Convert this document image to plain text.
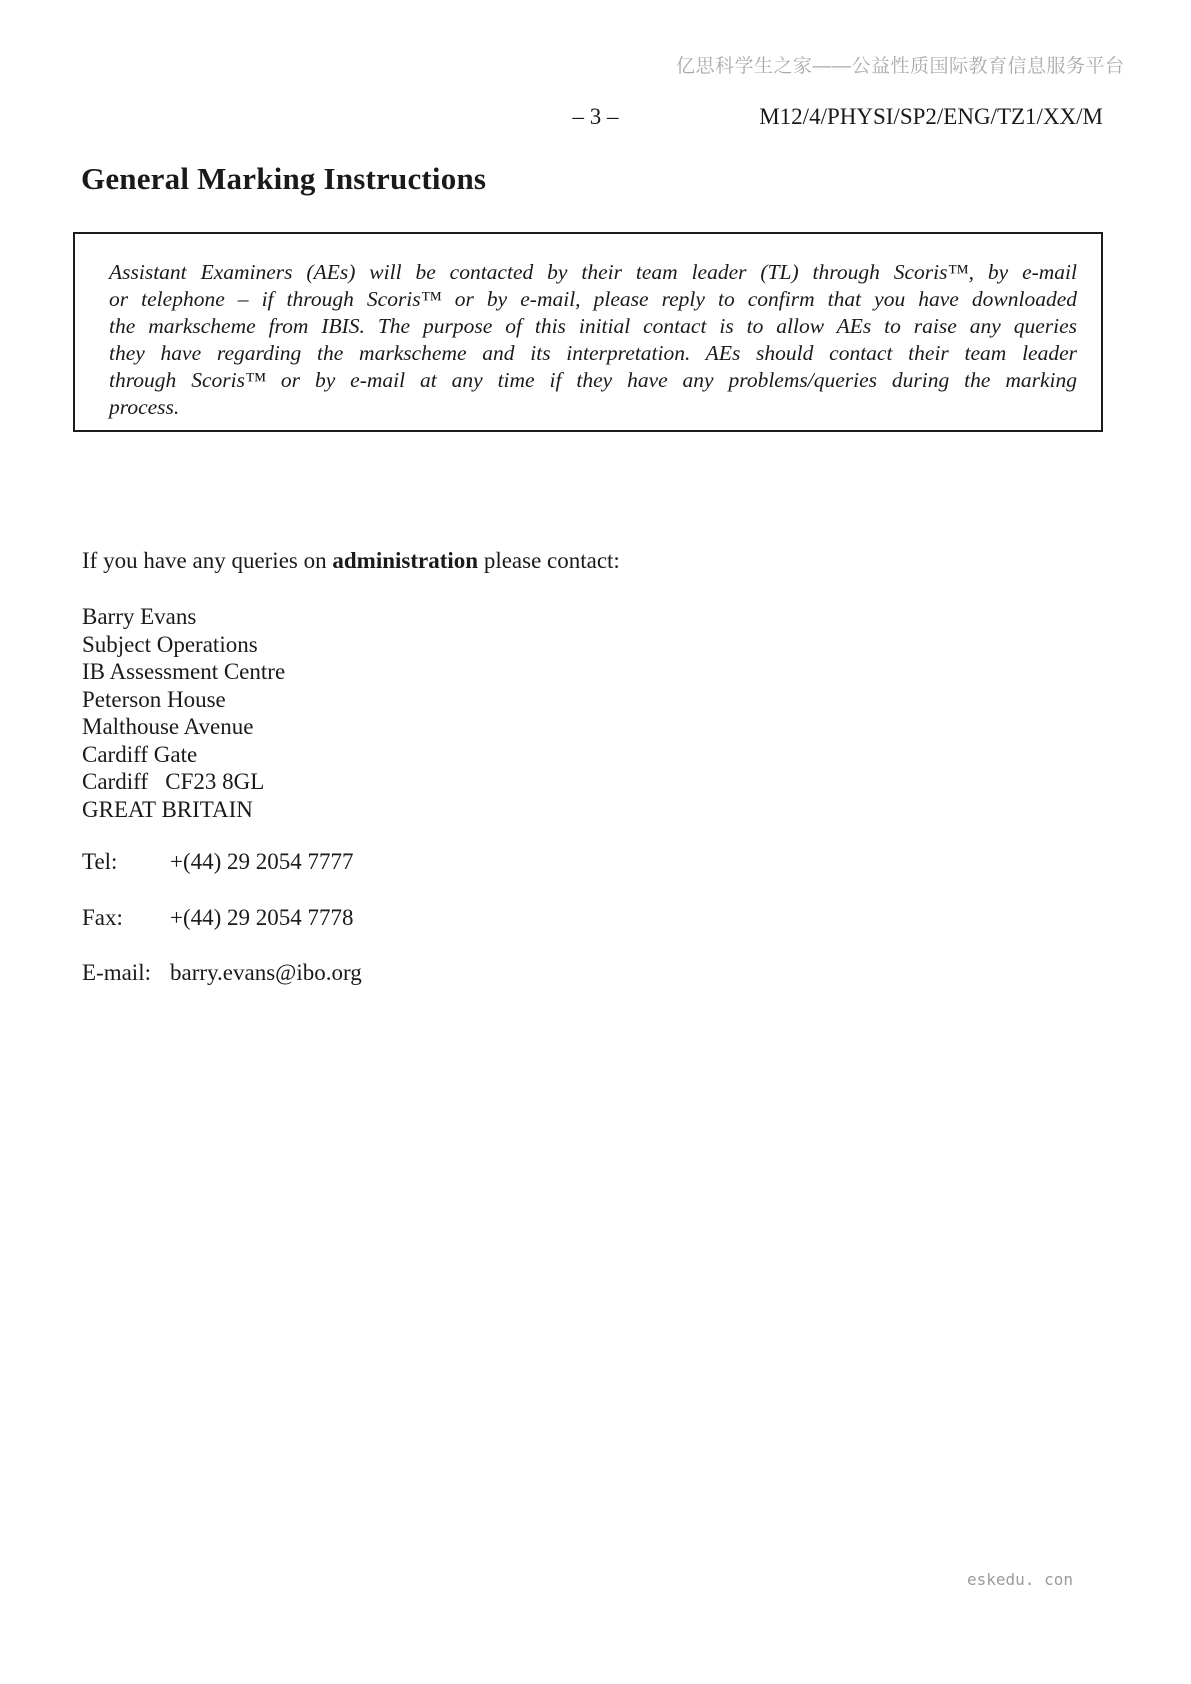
亿思科学生之家——公益性质国际教育信息服务平台
– 3 –	M12/4/PHYSI/SP2/ENG/TZ1/XX/M
General Marking Instructions
Assistant Examiners (AEs) will be contacted by their team leader (TL) through Scoris™, by e-mail
or telephone – if through Scoris™ or by e-mail, please reply to confirm that you have downloaded
the markscheme from IBIS. The purpose of this initial contact is to allow AEs to raise any queries
they have regarding the markscheme and its interpretation. AEs should contact their team leader
through Scoris™ or by e-mail at any time if they have any problems/queries during the marking
process.
If you have any queries on administration please contact:
Barry Evans
Subject Operations
IB Assessment Centre
Peterson House
Malthouse Avenue
Cardiff Gate
Cardiff   CF23 8GL
GREAT BRITAIN
Tel:	+(44) 29 2054 7777
Fax:	+(44) 29 2054 7778
E-mail: barry.evans@ibo.org
eskedu. con
